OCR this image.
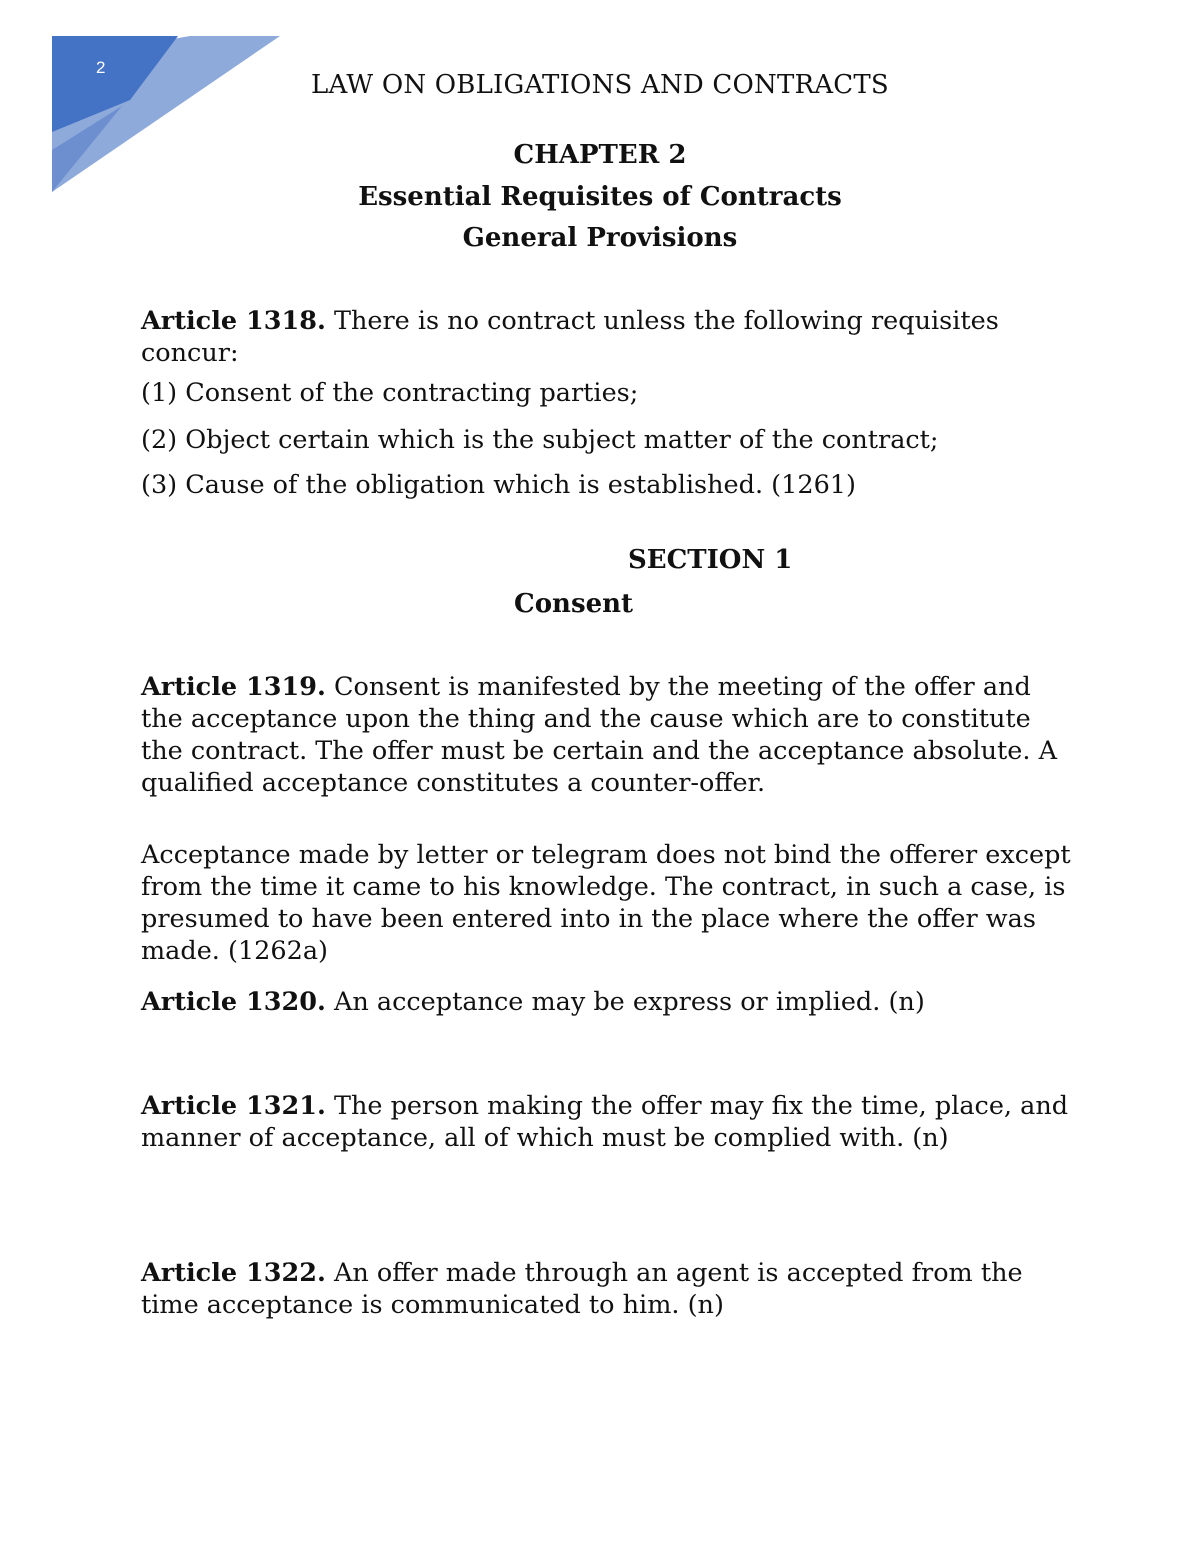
2
LAW ON OBLIGATIONS AND CONTRACTS
CHAPTER 2
Essential Requisites of Contracts
General Provisions

Article 1318. There is no contract unless the following requisites concur:

(1) Consent of the contracting parties;

(2) Object certain which is the subject matter of the contract;

(3) Cause of the obligation which is established. (1261)

SECTION 1
Consent

Article 1319. Consent is manifested by the meeting of the offer and the acceptance upon the thing and the cause which are to constitute the contract. The offer must be certain and the acceptance absolute. A qualified acceptance constitutes a counter-offer.

Acceptance made by letter or telegram does not bind the offerer except from the time it came to his knowledge. The contract, in such a case, is presumed to have been entered into in the place where the offer was made. (1262a)

Article 1320. An acceptance may be express or implied. (n)

Article 1321. The person making the offer may fix the time, place, and manner of acceptance, all of which must be complied with. (n)

Article 1322. An offer made through an agent is accepted from the time acceptance is communicated to him. (n)
